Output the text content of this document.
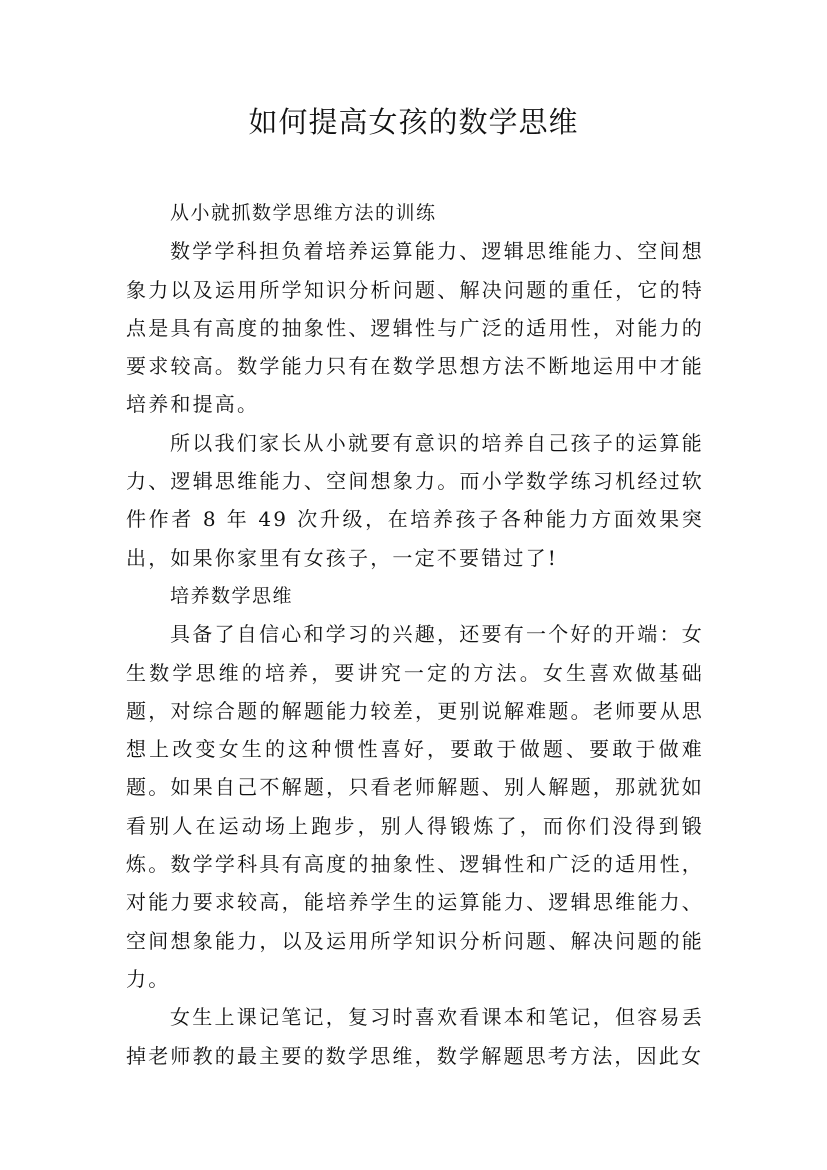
如何提高女孩的数学思维

从小就抓数学思维方法的训练

数学学科担负着培养运算能力、逻辑思维能力、空间想象力以及运用所学知识分析问题、解决问题的重任，它的特点是具有高度的抽象性、逻辑性与广泛的适用性，对能力的要求较高。数学能力只有在数学思想方法不断地运用中才能培养和提高。

所以我们家长从小就要有意识的培养自己孩子的运算能力、逻辑思维能力、空间想象力。而小学数学练习机经过软件作者 8 年 49 次升级，在培养孩子各种能力方面效果突出，如果你家里有女孩子，一定不要错过了!

培养数学思维

具备了自信心和学习的兴趣，还要有一个好的开端：女生数学思维的培养，要讲究一定的方法。女生喜欢做基础题，对综合题的解题能力较差，更别说解难题。老师要从思想上改变女生的这种惯性喜好，要敢于做题、要敢于做难题。如果自己不解题，只看老师解题、别人解题，那就犹如看别人在运动场上跑步，别人得锻炼了，而你们没得到锻炼。数学学科具有高度的抽象性、逻辑性和广泛的适用性，对能力要求较高，能培养学生的运算能力、逻辑思维能力、空间想象能力，以及运用所学知识分析问题、解决问题的能力。

女生上课记笔记，复习时喜欢看课本和笔记，但容易丢掉老师教的最主要的数学思维，数学解题思考方法，因此女
